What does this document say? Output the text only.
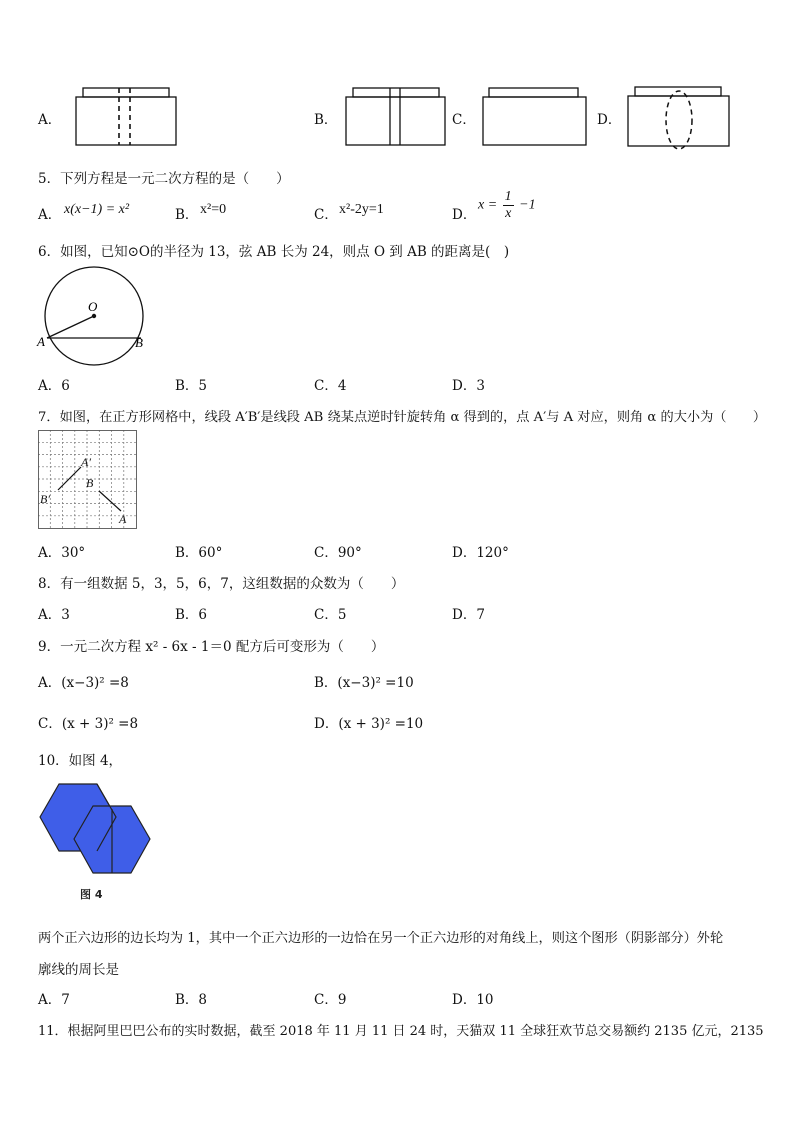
A．	B．	C．	D．
5．下列方程是一元二次方程的是（　　）
A． x(x−1) = x²	B． x²=0	C． x²-2y=1	D．
$x = \frac{1}{x} -1$
6．如图，已知⊙O的半径为 13，弦 AB 长为 24，则点 O 到 AB 的距离是(　)
O
A	B
A．6	B．5	C．4	D．3
7．如图，在正方形网格中，线段 A′B′是线段 AB 绕某点逆时针旋转角 α 得到的，点 A′与 A 对应，则角 α 的大小为（　　）
A′
B′
B
A
A．30°	B．60°	C．90°	D．120°
8．有一组数据 5，3，5，6，7，这组数据的众数为（　　）
A．3	B．6	C．5	D．7
9．一元二次方程 x² - 6x - 1＝0 配方后可变形为（　　）
A．(x−3)² =8	B．(x−3)² =10
C．(x + 3)² =8	D．(x + 3)² =10
10．如图 4，
图 4
两个正六边形的边长均为 1，其中一个正六边形的一边恰在另一个正六边形的对角线上，则这个图形（阴影部分）外轮
廓线的周长是
A．7	B．8	C．9	D．10
11．根据阿里巴巴公布的实时数据，截至 2018 年 11 月 11 日 24 时，天猫双 11 全球狂欢节总交易额约 2135 亿元，2135
